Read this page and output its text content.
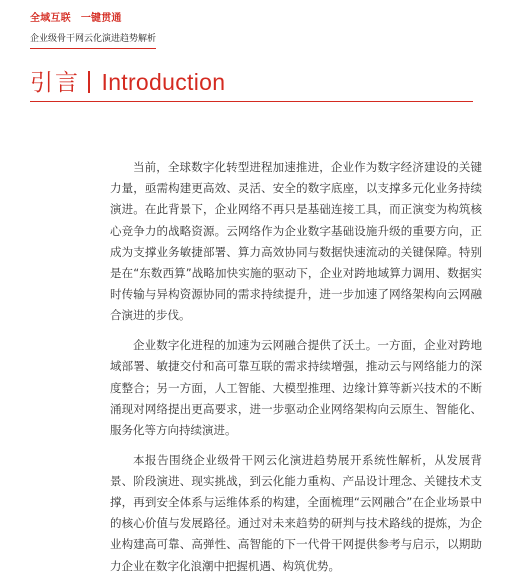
全域互联 一键贯通
企业级骨干网云化演进趋势解析
引言 Introduction

当前，全球数字化转型进程加速推进，企业作为数字经济建设的关键力量，亟需构建更高效、灵活、安全的数字底座，以支撑多元化业务持续演进。在此背景下，企业网络不再只是基础连接工具，而正演变为构筑核心竞争力的战略资源。云网络作为企业数字基础设施升级的重要方向，正成为支撑业务敏捷部署、算力高效协同与数据快速流动的关键保障。特别是在“东数西算”战略加快实施的驱动下，企业对跨地域算力调用、数据实时传输与异构资源协同的需求持续提升，进一步加速了网络架构向云网融合演进的步伐。

企业数字化进程的加速为云网融合提供了沃土。一方面，企业对跨地域部署、敏捷交付和高可靠互联的需求持续增强，推动云与网络能力的深度整合；另一方面，人工智能、大模型推理、边缘计算等新兴技术的不断涌现对网络提出更高要求，进一步驱动企业网络架构向云原生、智能化、服务化等方向持续演进。

本报告围绕企业级骨干网云化演进趋势展开系统性解析，从发展背景、阶段演进、现实挑战，到云化能力重构、产品设计理念、关键技术支撑，再到安全体系与运维体系的构建，全面梳理“云网融合”在企业场景中的核心价值与发展路径。通过对未来趋势的研判与技术路线的提炼，为企业构建高可靠、高弹性、高智能的下一代骨干网提供参考与启示，以期助力企业在数字化浪潮中把握机遇、构筑优势。
